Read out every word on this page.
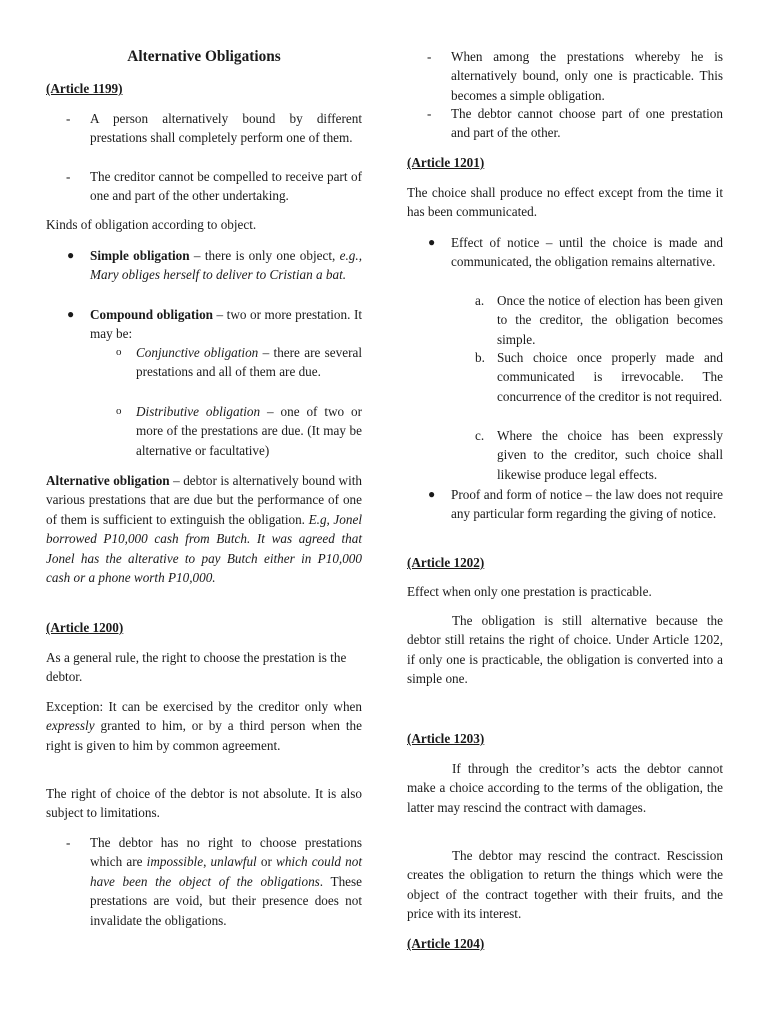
Alternative Obligations

(Article 1199)

- A person alternatively bound by different prestations shall completely perform one of them.
- The creditor cannot be compelled to receive part of one and part of the other undertaking.

Kinds of obligation according to object.

● Simple obligation – there is only one object, e.g., Mary obliges herself to deliver to Cristian a bat.
● Compound obligation – two or more prestation. It may be:
o Conjunctive obligation – there are several prestations and all of them are due.
o Distributive obligation – one of two or more of the prestations are due. (It may be alternative or facultative)

Alternative obligation – debtor is alternatively bound with various prestations that are due but the performance of one of them is sufficient to extinguish the obligation. E.g, Jonel borrowed P10,000 cash from Butch. It was agreed that Jonel has the alterative to pay Butch either in P10,000 cash or a phone worth P10,000.

(Article 1200)

As a general rule, the right to choose the prestation is the debtor.

Exception: It can be exercised by the creditor only when expressly granted to him, or by a third person when the right is given to him by common agreement.

The right of choice of the debtor is not absolute. It is also subject to limitations.

- The debtor has no right to choose prestations which are impossible, unlawful or which could not have been the object of the obligations. These prestations are void, but their presence does not invalidate the obligations.
- When among the prestations whereby he is alternatively bound, only one is practicable. This becomes a simple obligation.
- The debtor cannot choose part of one prestation and part of the other.

(Article 1201)

The choice shall produce no effect except from the time it has been communicated.

● Effect of notice – until the choice is made and communicated, the obligation remains alternative.
a. Once the notice of election has been given to the creditor, the obligation becomes simple.
b. Such choice once properly made and communicated is irrevocable. The concurrence of the creditor is not required.
c. Where the choice has been expressly given to the creditor, such choice shall likewise produce legal effects.
● Proof and form of notice – the law does not require any particular form regarding the giving of notice.

(Article 1202)

Effect when only one prestation is practicable.

The obligation is still alternative because the debtor still retains the right of choice. Under Article 1202, if only one is practicable, the obligation is converted into a simple one.

(Article 1203)

If through the creditor’s acts the debtor cannot make a choice according to the terms of the obligation, the latter may rescind the contract with damages.

The debtor may rescind the contract. Rescission creates the obligation to return the things which were the object of the contract together with their fruits, and the price with its interest.

(Article 1204)
